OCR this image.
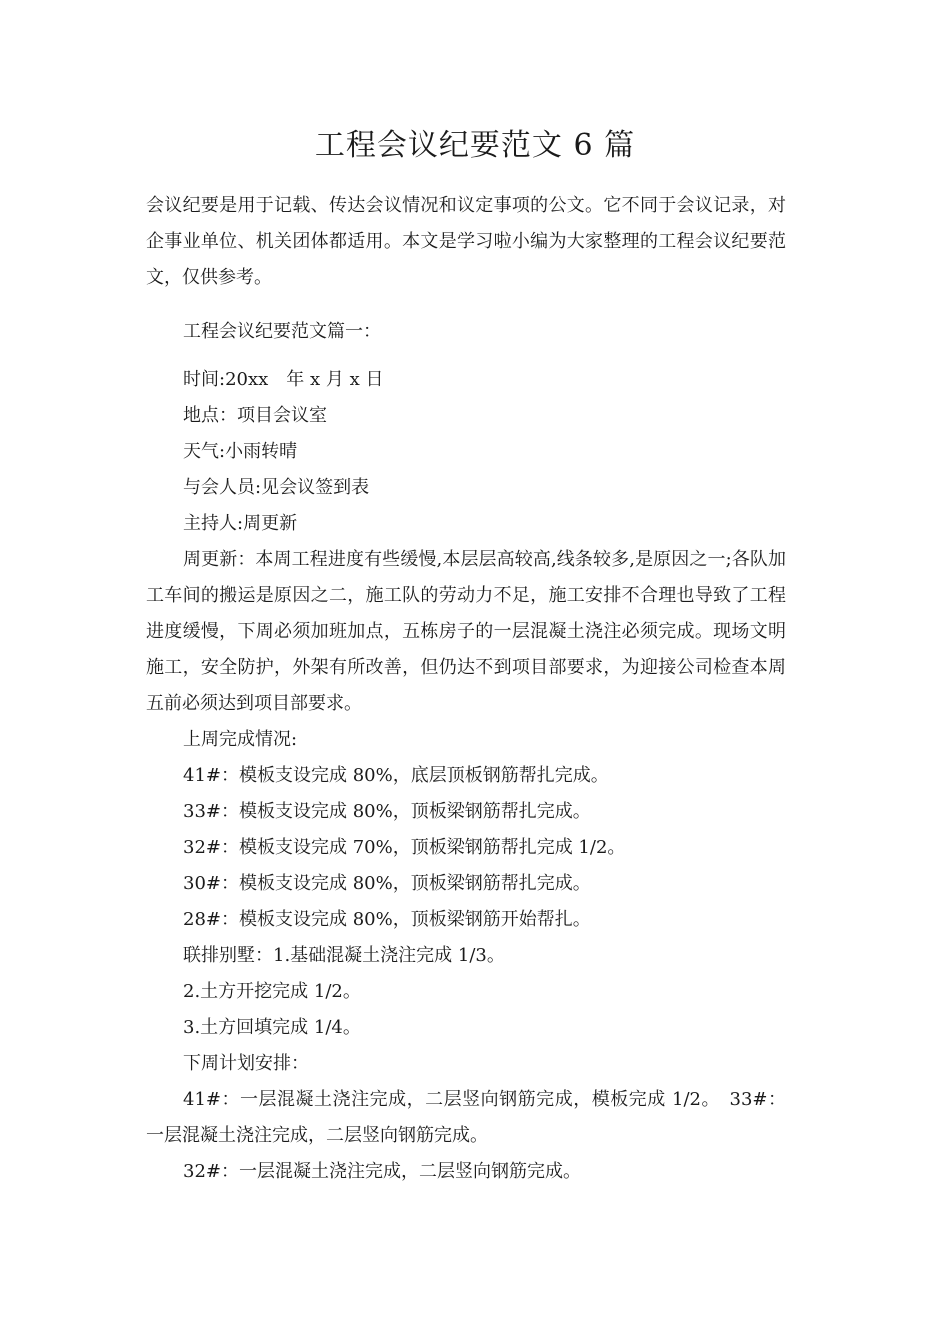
工程会议纪要范文 6 篇
会议纪要是用于记载、传达会议情况和议定事项的公文。它不同于会议记录，对企事业单位、机关团体都适用。本文是学习啦小编为大家整理的工程会议纪要范文，仅供参考。
工程会议纪要范文篇一：
时间:20xx　年 x 月 x 日
地点：项目会议室
天气:小雨转晴
与会人员:见会议签到表
主持人:周更新
周更新：本周工程进度有些缓慢,本层层高较高,线条较多,是原因之一;各队加工车间的搬运是原因之二，施工队的劳动力不足，施工安排不合理也导致了工程进度缓慢，下周必须加班加点，五栋房子的一层混凝土浇注必须完成。现场文明施工，安全防护，外架有所改善，但仍达不到项目部要求，为迎接公司检查本周五前必须达到项目部要求。
上周完成情况:
41#：模板支设完成 80%，底层顶板钢筋帮扎完成。
33#：模板支设完成 80%，顶板梁钢筋帮扎完成。
32#：模板支设完成 70%，顶板梁钢筋帮扎完成 1/2。
30#：模板支设完成 80%，顶板梁钢筋帮扎完成。
28#：模板支设完成 80%，顶板梁钢筋开始帮扎。
联排别墅：1.基础混凝土浇注完成 1/3。
2.土方开挖完成 1/2。
3.土方回填完成 1/4。
下周计划安排：
41#：一层混凝土浇注完成，二层竖向钢筋完成，模板完成 1/2。　33#：一层混凝土浇注完成，二层竖向钢筋完成。
32#：一层混凝土浇注完成，二层竖向钢筋完成。
